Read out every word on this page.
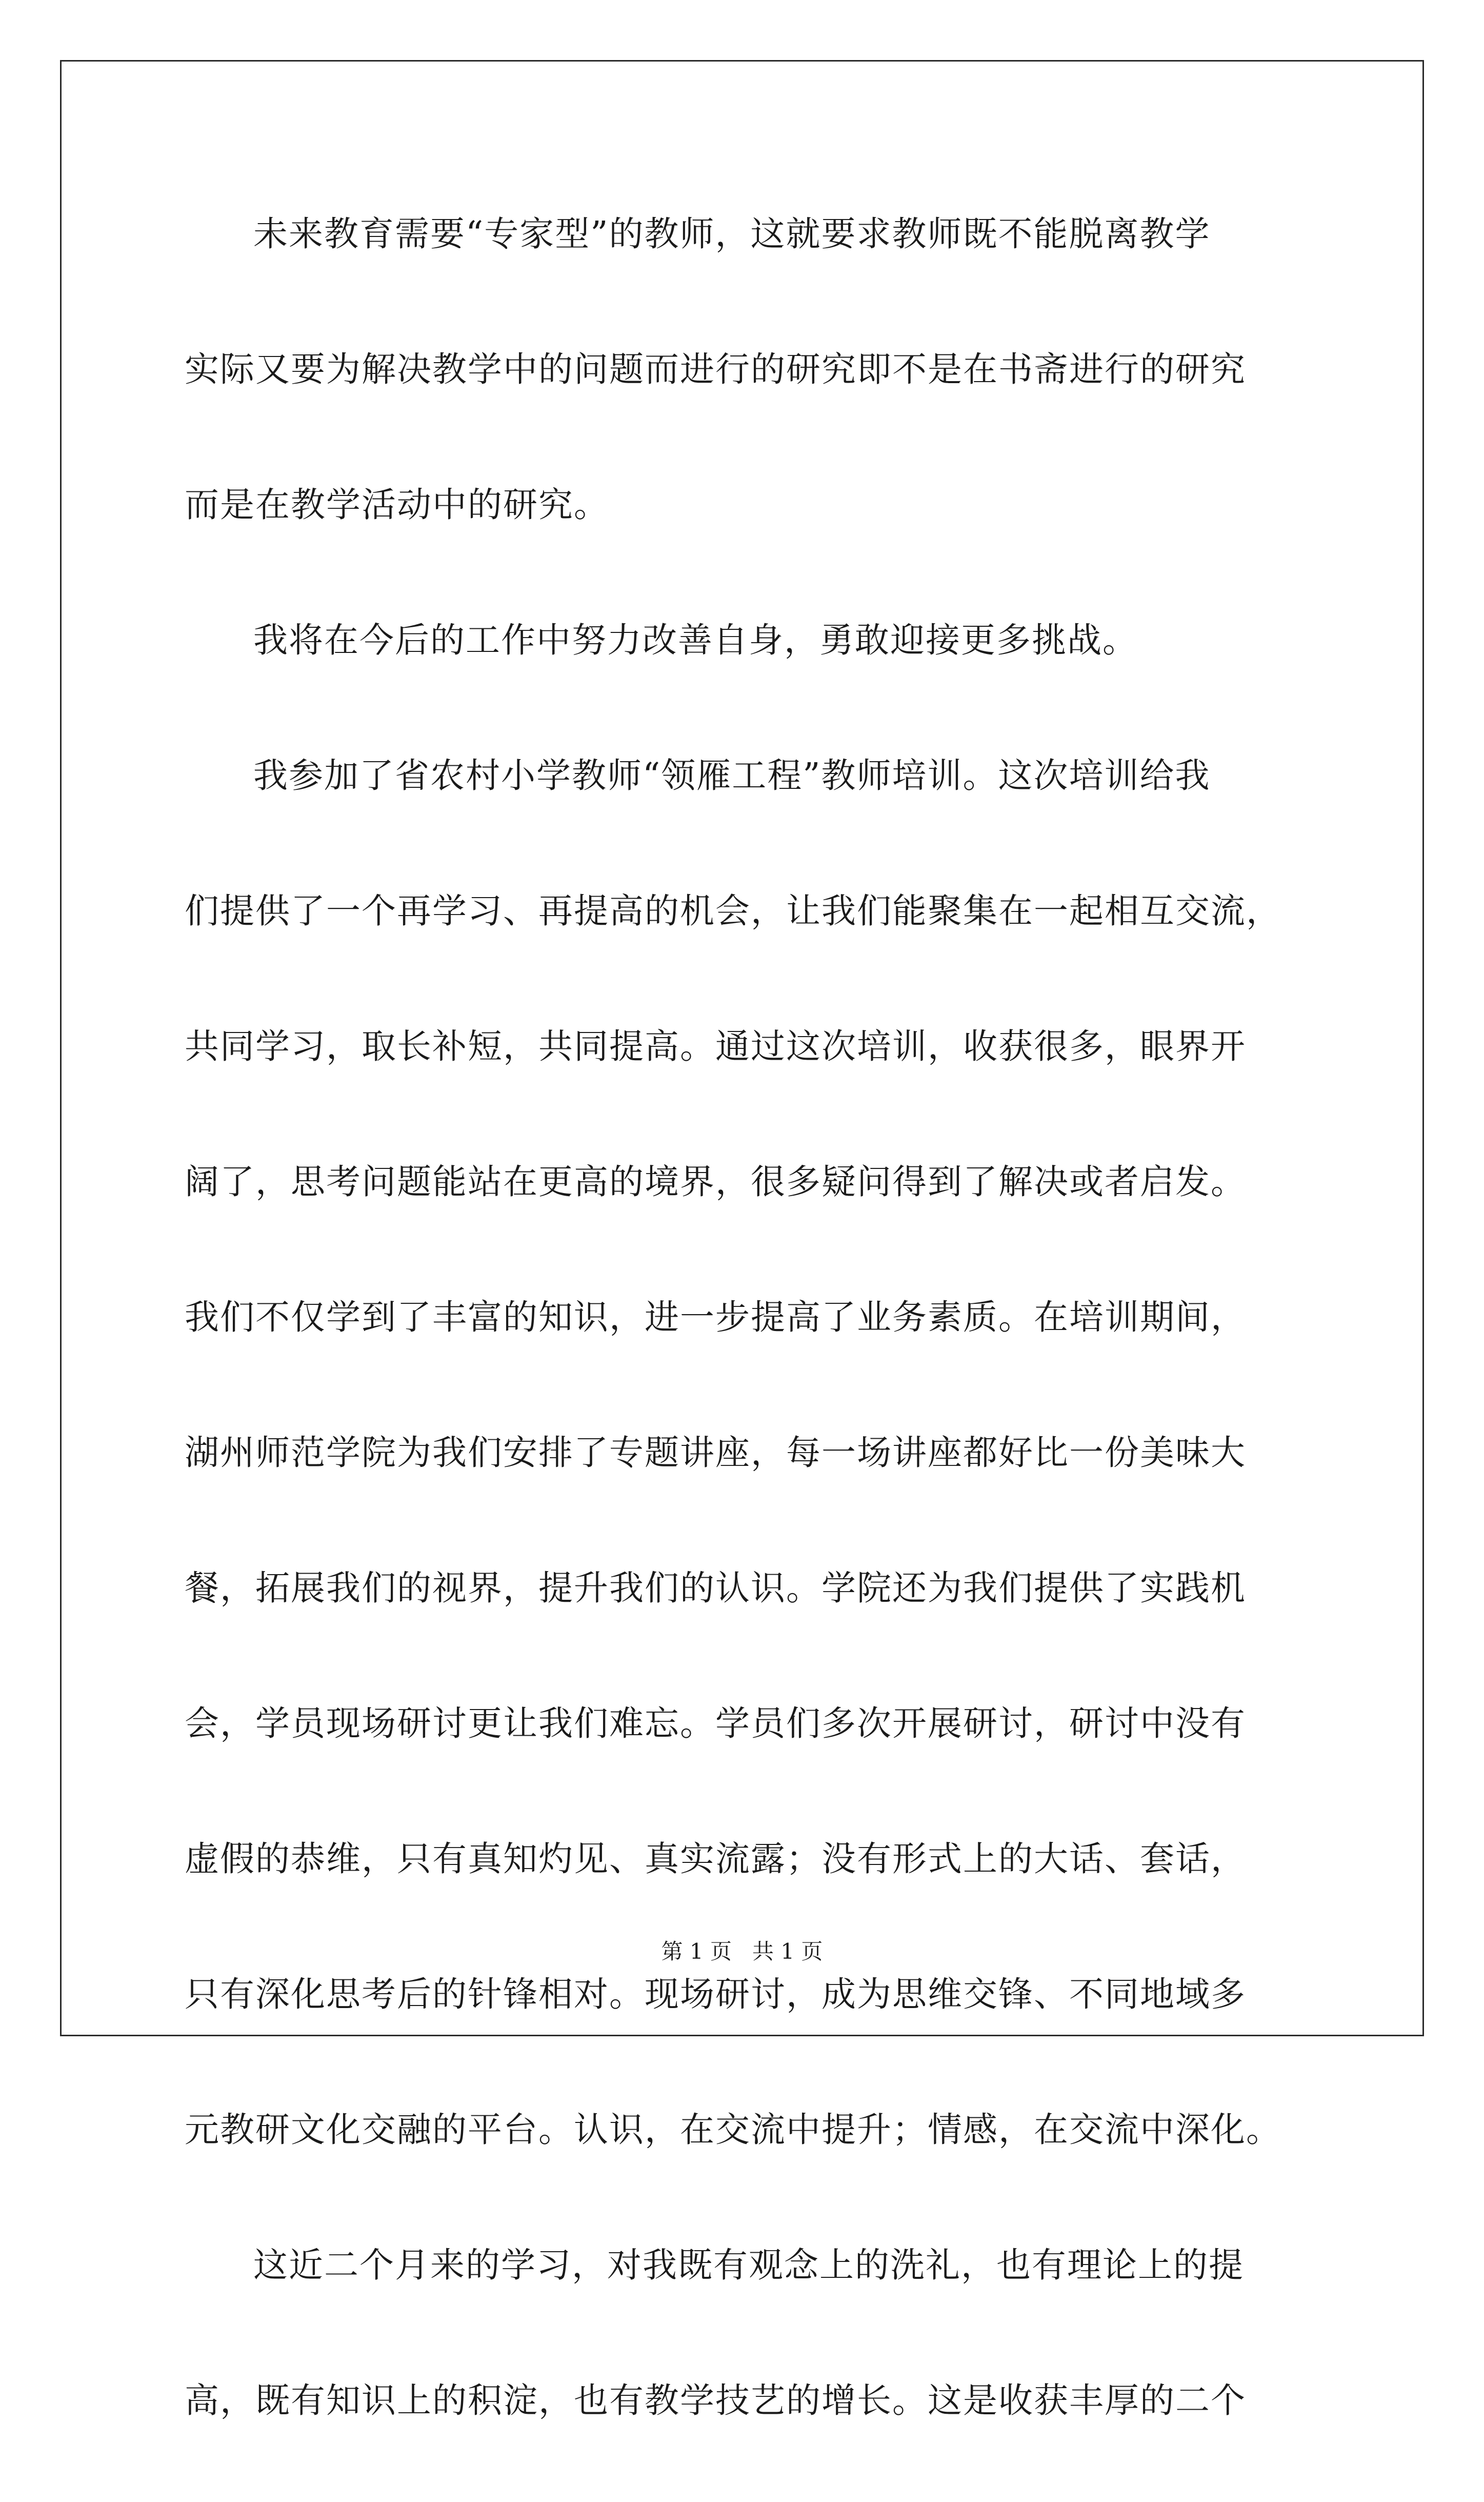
未来教育需要“专家型”的教师，这就要求教师既不能脱离教学
实际又要为解决教学中的问题而进行的研究即不是在书斋进行的研究
而是在教学活动中的研究。
我将在今后的工作中努力改善自身，勇敢迎接更多挑战。
我参加了省农村小学教师“领雁工程”教师培训。这次培训给我
们提供了一个再学习、再提高的机会，让我们能聚集在一起相互交流，
共同学习，取长补短，共同提高。通过这次培训，收获很多，眼界开
阔了，思考问题能站在更高的境界，很多疑问得到了解决或者启发。
我们不仅学到了丰富的知识，进一步提高了业务素质。在培训期间，
湖州师范学院为我们安排了专题讲座，每一场讲座都好比一份美味大
餐，拓展我们的视界，提升我们的认识。学院还为我们提供了实践机
会，学员现场研讨更让我们难忘。学员们多次开展研讨，研讨中没有
虚假的恭维，只有真知灼见、真实流露；没有形式上的大话、套话，
只有深化思考后的针锋相对。现场研讨，成为思维交锋、不同地域多
元教研文化交融的平台。认识，在交流中提升；情感，在交流中深化。
这近二个月来的学习，对我既有观念上的洗礼，也有理论上的提
高，既有知识上的积淀，也有教学技艺的增长。这是收获丰厚的二个
第 1 页 共 1 页
